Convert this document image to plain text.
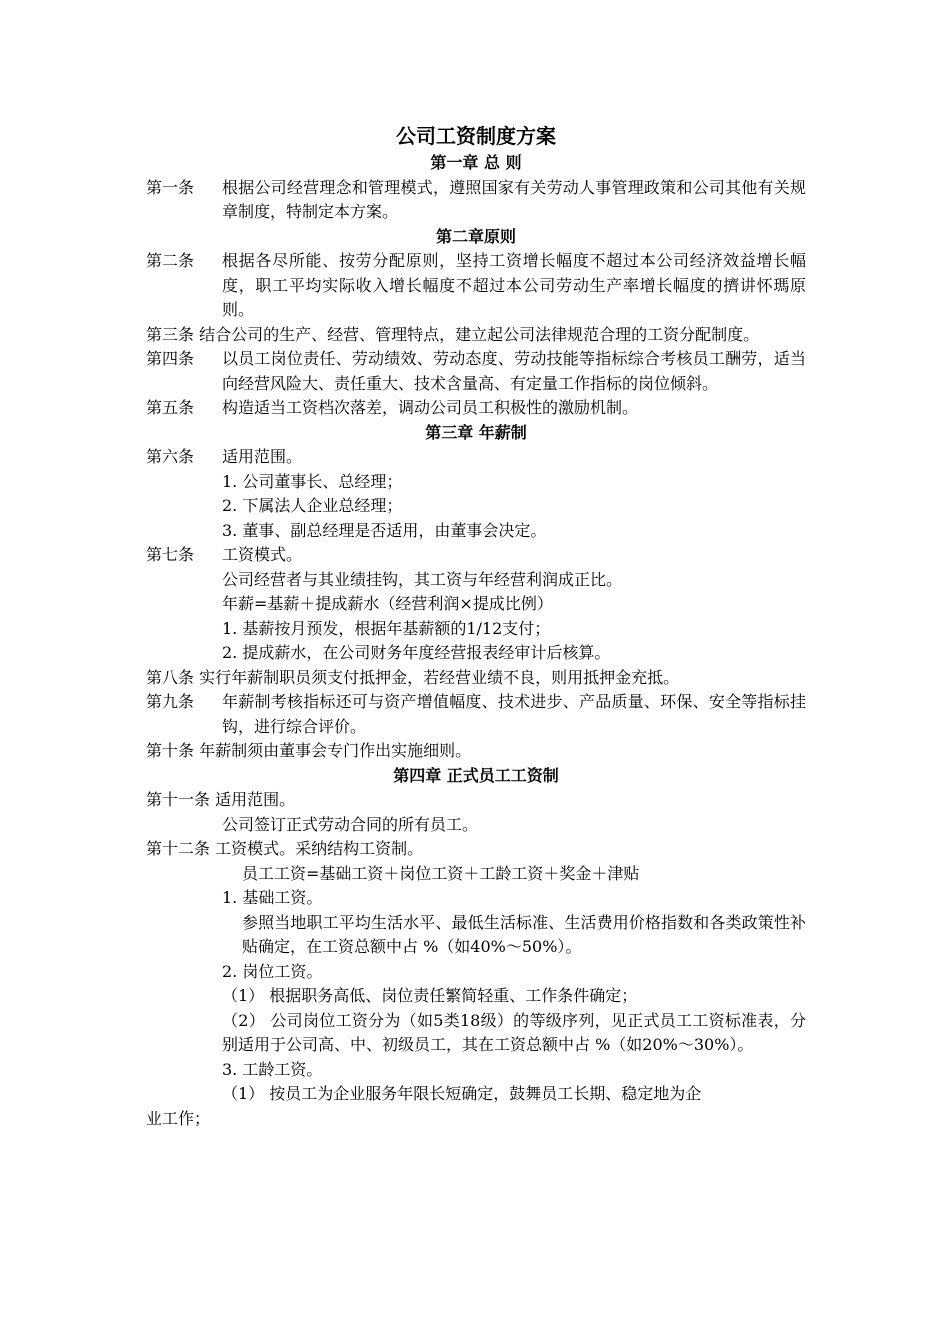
公司工资制度方案
第一章 总 则
第一条	根据公司经营理念和管理模式，遵照国家有关劳动人事管理政策和公司其他有关规章制度，特制定本方案。
第二章原则
第二条	根据各尽所能、按劳分配原则，坚持工资增长幅度不超过本公司经济效益增长幅度，职工平均实际收入增长幅度不超过本公司劳动生产率增长幅度的擠讲怀瑪原则。
第三条 结合公司的生产、经营、管理特点，建立起公司法律规范合理的工资分配制度。
第四条	以员工岗位责任、劳动绩效、劳动态度、劳动技能等指标综合考核员工酬劳，适当向经营风险大、责任重大、技术含量高、有定量工作指标的岗位倾斜。
第五条	构造适当工资档次落差，调动公司员工积极性的激励机制。
第三章 年薪制
第六条	适用范围。
1. 公司董事长、总经理；
2. 下属法人企业总经理；
3. 董事、副总经理是否适用，由董事会决定。
第七条	工资模式。
公司经营者与其业绩挂钩，其工资与年经营利润成正比。
年薪=基薪＋提成薪水（经营利润×提成比例）
1. 基薪按月预发，根据年基薪额的1/12支付；
2. 提成薪水，在公司财务年度经营报表经审计后核算。
第八条 实行年薪制职员须支付抵押金，若经营业绩不良，则用抵押金充抵。
第九条	年薪制考核指标还可与资产增值幅度、技术进步、产品质量、环保、安全等指标挂钩，进行综合评价。
第十条 年薪制须由董事会专门作出实施细则。
第四章 正式员工工资制
第十一条 适用范围。
公司签订正式劳动合同的所有员工。
第十二条 工资模式。采纳结构工资制。
员工工资=基础工资＋岗位工资＋工龄工资＋奖金＋津贴
1. 基础工资。
参照当地职工平均生活水平、最低生活标准、生活费用价格指数和各类政策性补贴确定，在工资总额中占 %（如40%～50%）。
2. 岗位工资。
（1） 根据职务高低、岗位责任繁简轻重、工作条件确定；
（2） 公司岗位工资分为（如5类18级）的等级序列，见正式员工工资标准表，分别适用于公司高、中、初级员工，其在工资总额中占 %（如20%～30%）。
3. 工龄工资。
（1） 按员工为企业服务年限长短确定，鼓舞员工长期、稳定地为企
业工作；
